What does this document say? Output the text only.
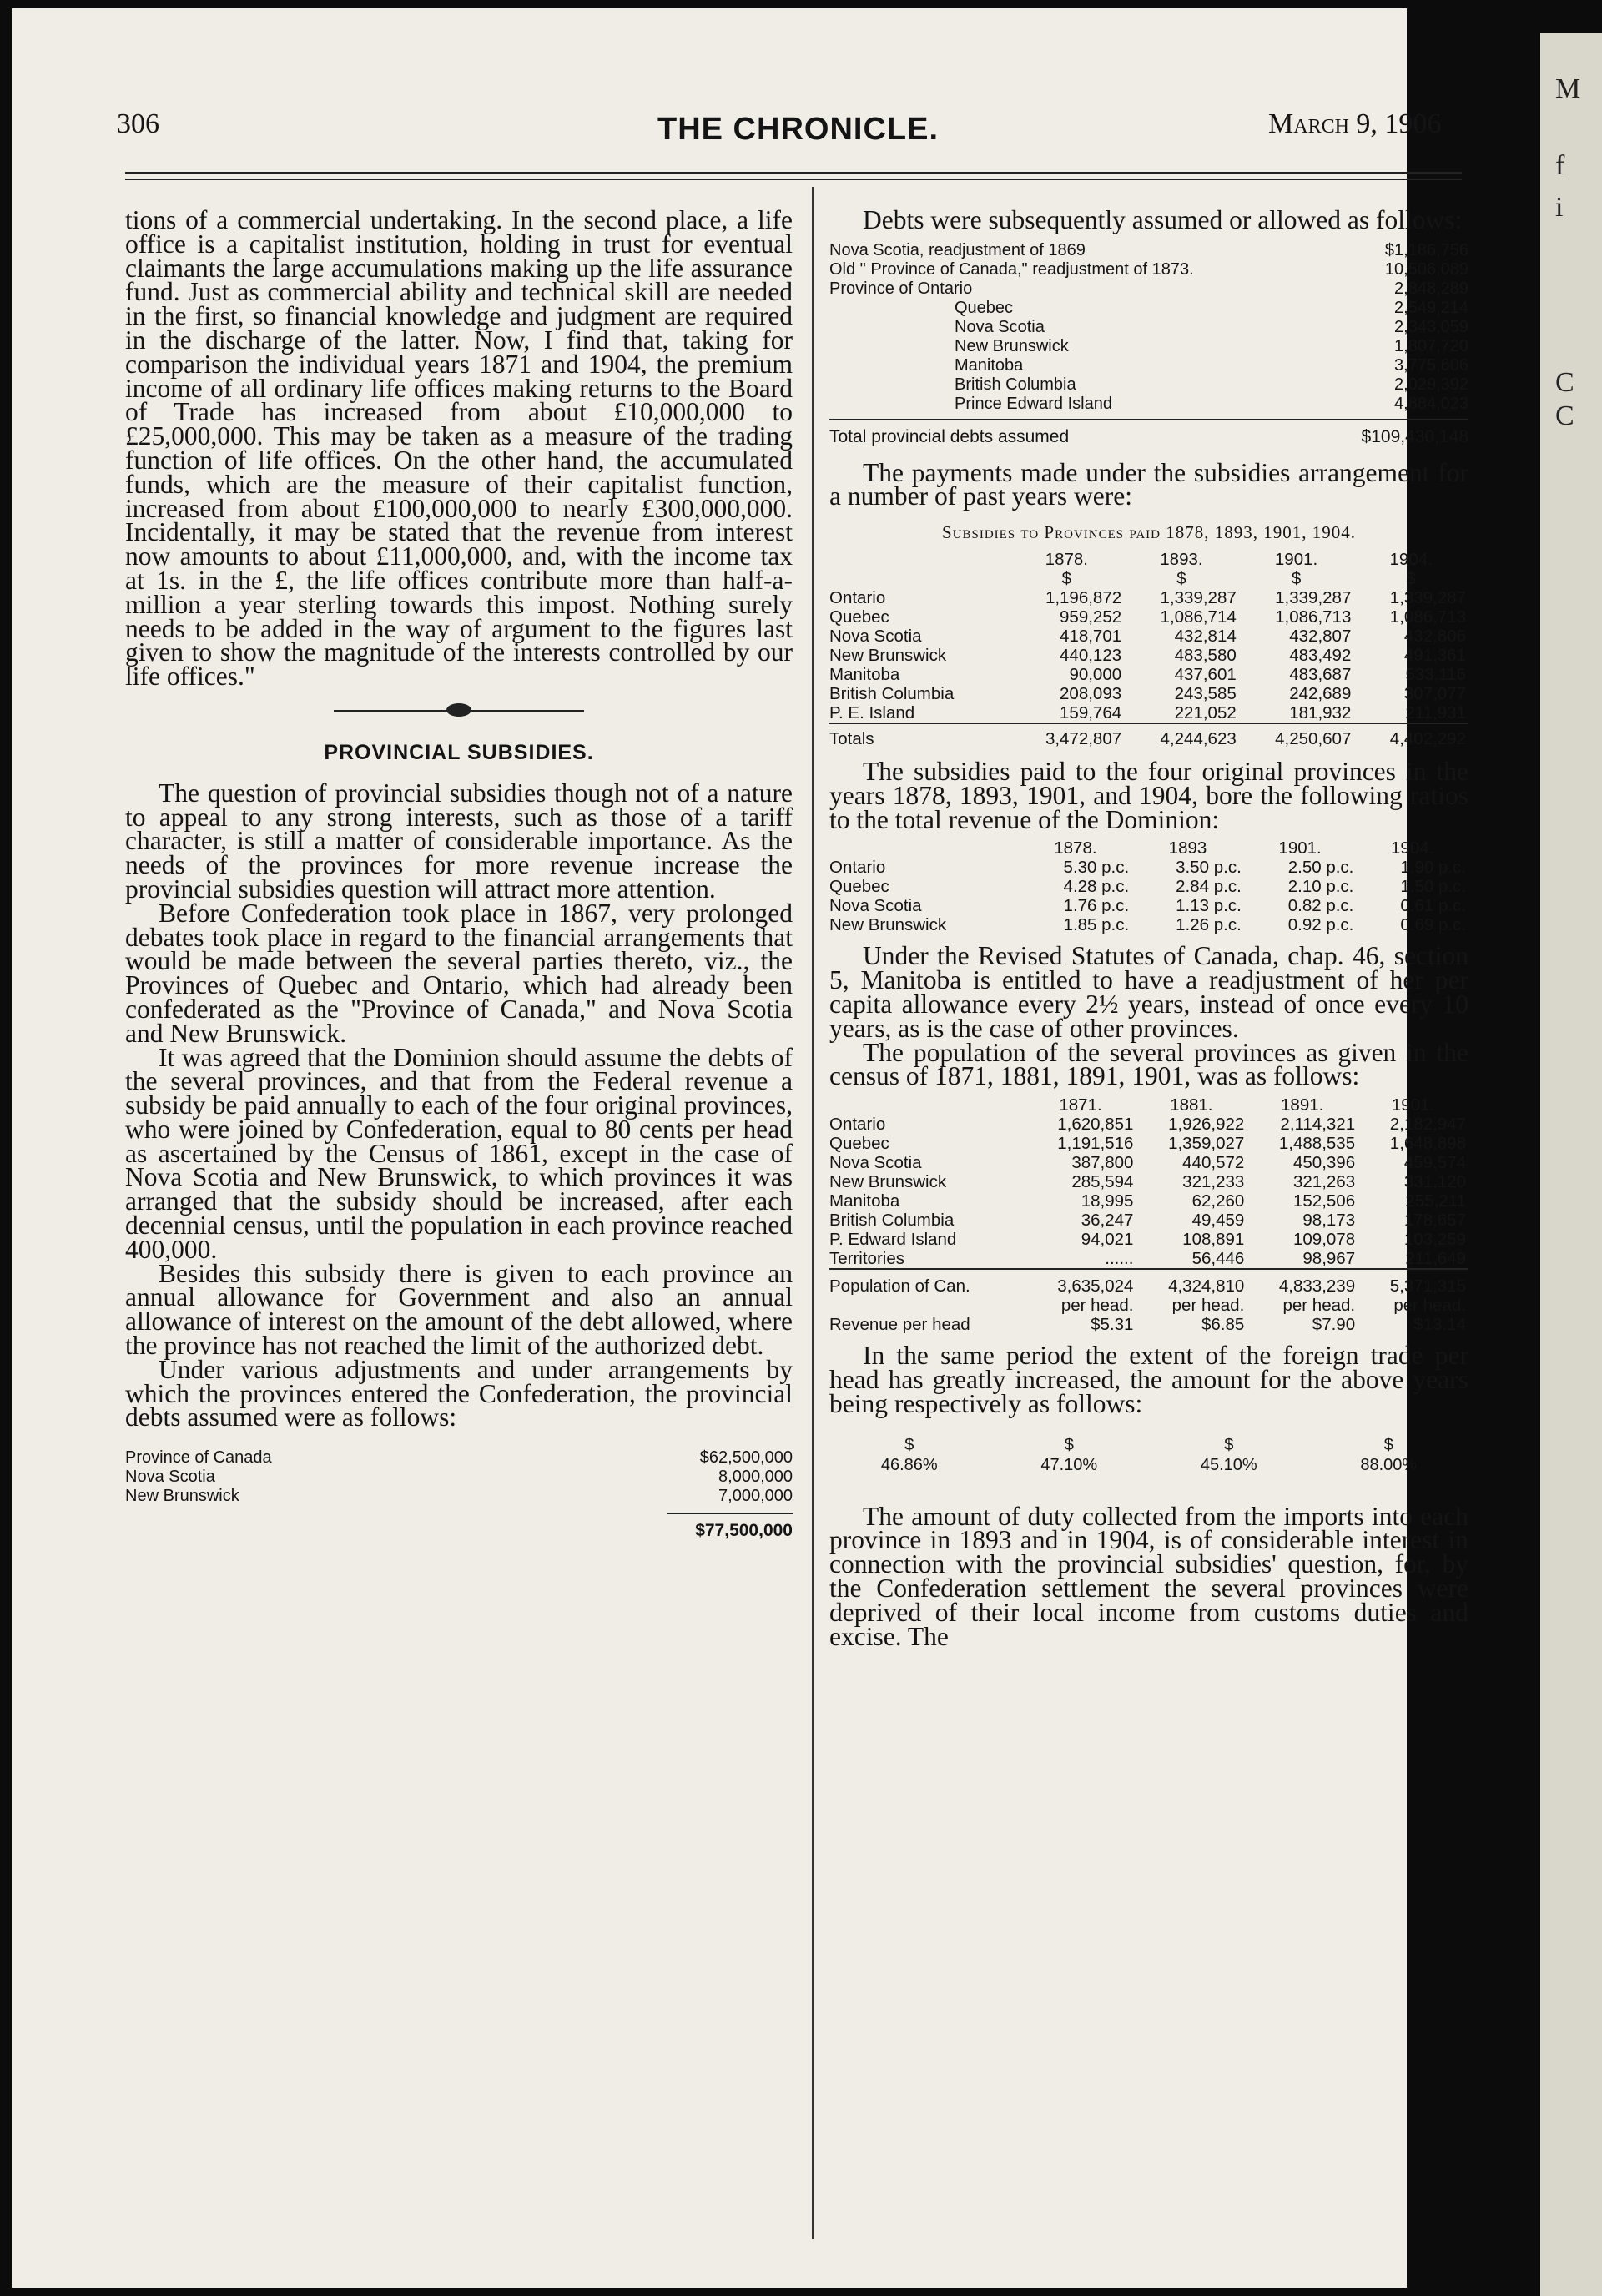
M
f
i
C
C
306	THE CHRONICLE.	March 9, 1906

tions of a commercial undertaking. In the second place, a life office is a capitalist institution, holding in trust for eventual claimants the large accumulations making up the life assurance fund. Just as commercial ability and technical skill are needed in the first, so financial knowledge and judgment are required in the discharge of the latter. Now, I find that, taking for comparison the individual years 1871 and 1904, the premium income of all ordinary life offices making returns to the Board of Trade has increased from about £10,000,000 to £25,000,000. This may be taken as a measure of the trading function of life offices. On the other hand, the accumulated funds, which are the measure of their capitalist function, increased from about £100,000,000 to nearly £300,000,000. Incidentally, it may be stated that the revenue from interest now amounts to about £11,000,000, and, with the income tax at 1s. in the £, the life offices contribute more than half-a-million a year sterling towards this impost. Nothing surely needs to be added in the way of argument to the figures last given to show the magnitude of the interests controlled by our life offices."

PROVINCIAL SUBSIDIES.

The question of provincial subsidies though not of a nature to appeal to any strong interests, such as those of a tariff character, is still a matter of considerable importance. As the needs of the provinces for more revenue increase the provincial subsidies question will attract more attention.

Before Confederation took place in 1867, very prolonged debates took place in regard to the financial arrangements that would be made between the several parties thereto, viz., the Provinces of Quebec and Ontario, which had already been confederated as the "Province of Canada," and Nova Scotia and New Brunswick.

It was agreed that the Dominion should assume the debts of the several provinces, and that from the Federal revenue a subsidy be paid annually to each of the four original provinces, who were joined by Confederation, equal to 80 cents per head as ascertained by the Census of 1861, except in the case of Nova Scotia and New Brunswick, to which provinces it was arranged that the subsidy should be increased, after each decennial census, until the population in each province reached 400,000.

Besides this subsidy there is given to each province an annual allowance for Government and also an annual allowance of interest on the amount of the debt allowed, where the province has not reached the limit of the authorized debt.

Under various adjustments and under arrangements by which the provinces entered the Confederation, the provincial debts assumed were as follows:

Province of Canada	$62,500,000
Nova Scotia	8,000,000
New Brunswick	7,000,000
$77,500,000

Debts were subsequently assumed or allowed as follows:

Nova Scotia, readjustment of 1869	$1,186,756
Old " Province of Canada," readjustment of 1873.	10,506,089
Province of Ontario	2,848,289
Quebec	2,549,214
Nova Scotia	2,343,059
New Brunswick	1,807,720
Manitoba	3,775,606
British Columbia	2,029,392
Prince Edward Island	4,884,023
Total provincial debts assumed	$109,430,148

The payments made under the subsidies arrangement for a number of past years were:

Subsidies to Provinces paid 1878, 1893, 1901, 1904.
	1878.	1893.	1901.	1904.
	$	$	$	$
Ontario	1,196,872	1,339,287	1,339,287	1,339,287
Quebec	959,252	1,086,714	1,086,713	1,086,713
Nova Scotia	418,701	432,814	432,807	432,806
New Brunswick	440,123	483,580	483,492	491,361
Manitoba	90,000	437,601	483,687	533,116
British Columbia	208,093	243,585	242,689	307,077
P. E. Island	159,764	221,052	181,932	211,931
Totals	3,472,807	4,244,623	4,250,607	4,402,292

The subsidies paid to the four original provinces in the years 1878, 1893, 1901, and 1904, bore the following ratios to the total revenue of the Dominion:

	1878.	1893	1901.	1904.
Ontario	5.30 p.c.	3.50 p.c.	2.50 p.c.	1.90 p.c.
Quebec	4.28 p.c.	2.84 p.c.	2.10 p.c.	1.50 p.c.
Nova Scotia	1.76 p.c.	1.13 p.c.	0.82 p.c.	0.61 p.c.
New Brunswick	1.85 p.c.	1.26 p.c.	0.92 p.c.	0.69 p.c.

Under the Revised Statutes of Canada, chap. 46, section 5, Manitoba is entitled to have a readjustment of her per capita allowance every 2½ years, instead of once every 10 years, as is the case of other provinces.

The population of the several provinces as given in the census of 1871, 1881, 1891, 1901, was as follows:

	1871.	1881.	1891.	1901.
Ontario	1,620,851	1,926,922	2,114,321	2,182,947
Quebec	1,191,516	1,359,027	1,488,535	1,648,898
Nova Scotia	387,800	440,572	450,396	459,574
New Brunswick	285,594	321,233	321,263	331,120
Manitoba	18,995	62,260	152,506	255,211
British Columbia	36,247	49,459	98,173	178,657
P. Edward Island	94,021	108,891	109,078	103,259
Territories	......	56,446	98,967	211,649
Population of Can.	3,635,024	4,324,810	4,833,239	5,371,315
	per head.	per head.	per head.	per head.
Revenue per head	$5.31	$6.85	$7.90	$13.14

In the same period the extent of the foreign trade per head has greatly increased, the amount for the above years being respectively as follows:

$	$	$	$
46.86%	47.10%	45.10%	88.00%

The amount of duty collected from the imports into each province in 1893 and in 1904, is of considerable interest in connection with the provincial subsidies' question, for, by the Confederation settlement the several provinces were deprived of their local income from customs duties and excise. The
